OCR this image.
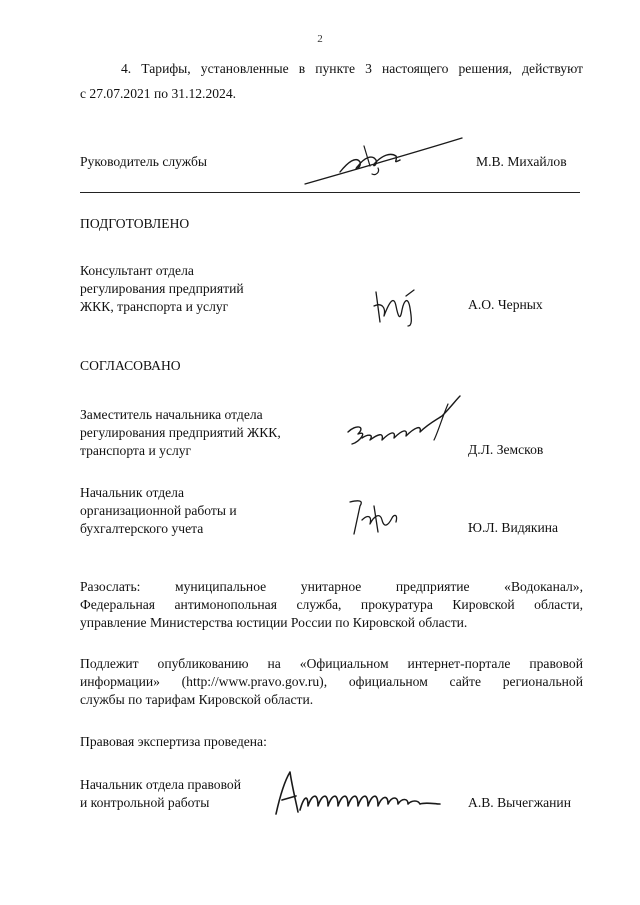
2
4. Тарифы, установленные в пункте 3 настоящего решения, действуют
с 27.07.2021 по 31.12.2024.
Руководитель службы	М.В. Михайлов
ПОДГОТОВЛЕНО
Консультант отдела
регулирования предприятий
ЖКК, транспорта и услуг	А.О. Черных
СОГЛАСОВАНО
Заместитель начальника отдела
регулирования предприятий ЖКК,
транспорта и услуг	Д.Л. Земсков
Начальник отдела
организационной работы и
бухгалтерского учета	Ю.Л. Видякина
Разослать: муниципальное унитарное предприятие «Водоканал»,
Федеральная антимонопольная служба, прокуратура Кировской области,
управление Министерства юстиции России по Кировской области.
Подлежит опубликованию на «Официальном интернет-портале правовой
информации» (http://www.pravo.gov.ru), официальном сайте региональной
службы по тарифам Кировской области.
Правовая экспертиза проведена:
Начальник отдела правовой
и контрольной работы	А.В. Вычегжанин
